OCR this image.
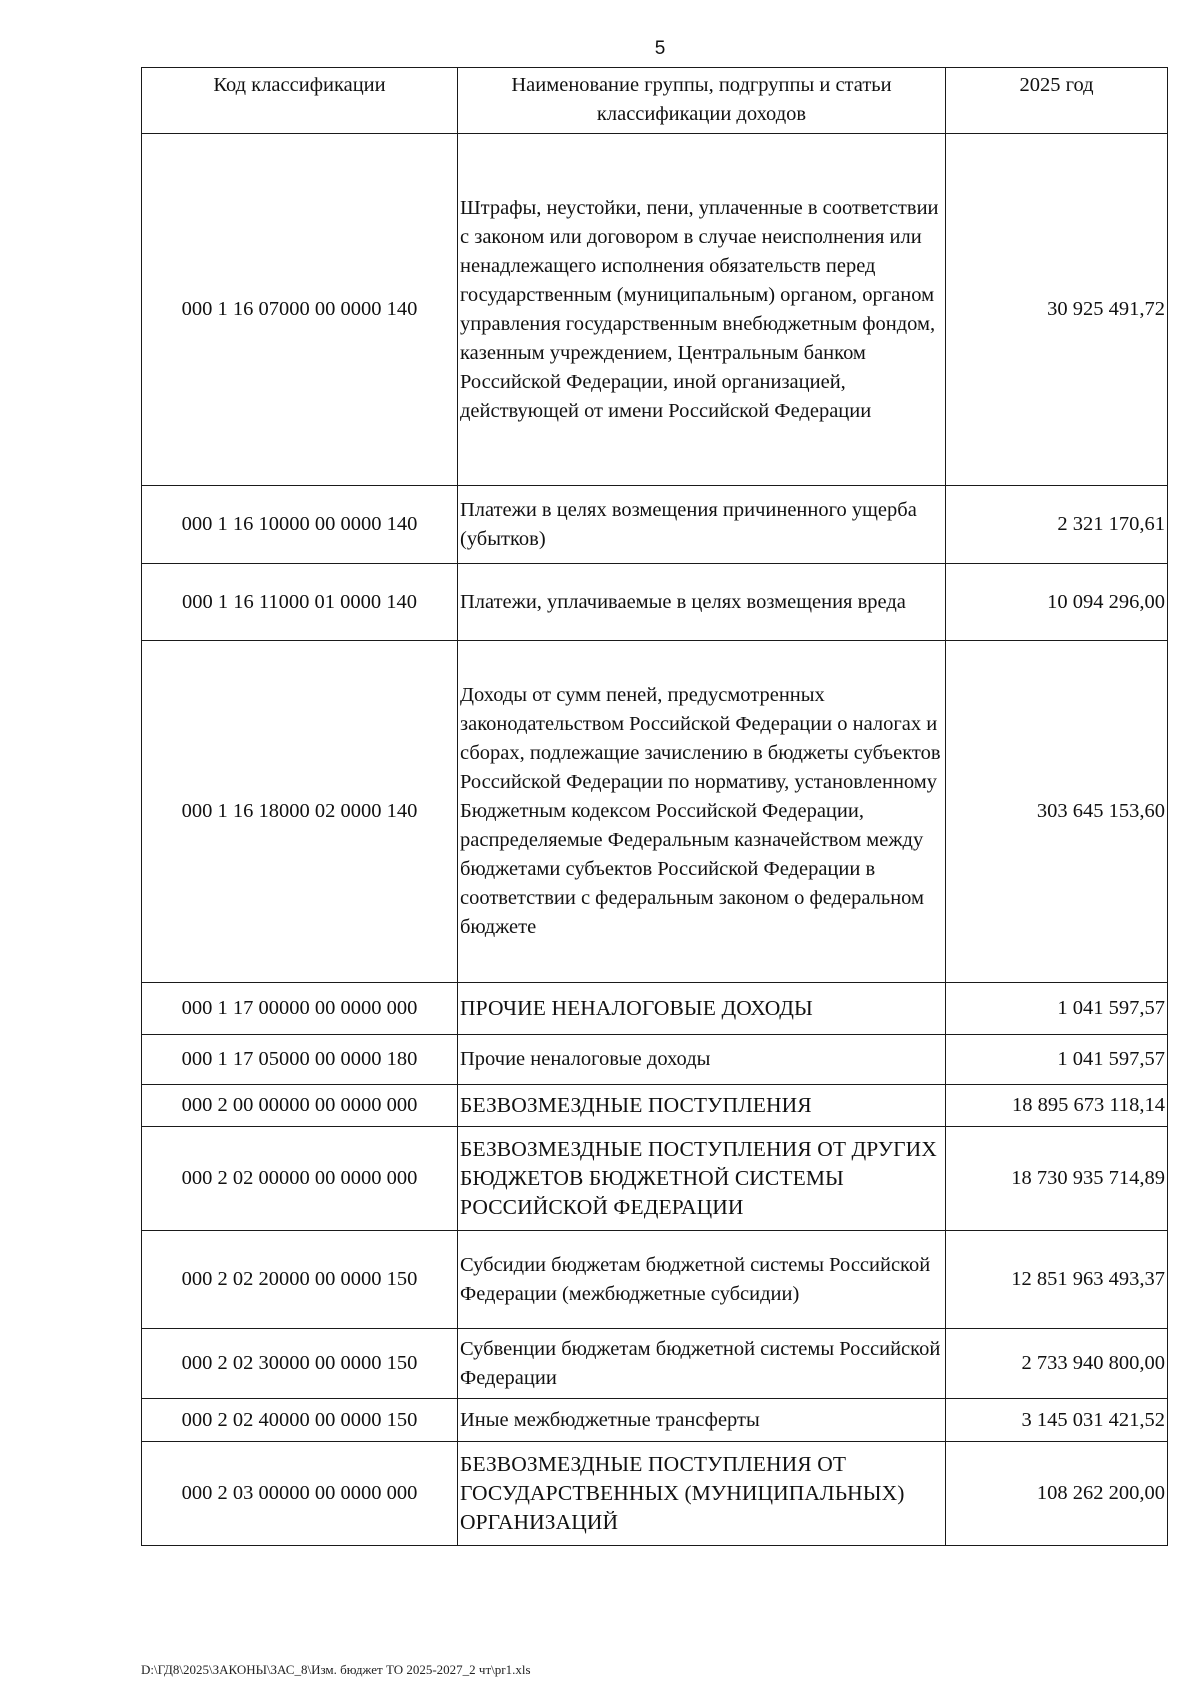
5
Код классификации	Наименование группы, подгруппы и статьи классификации доходов	2025 год
000 1 16 07000 00 0000 140	Штрафы, неустойки, пени, уплаченные в соответствии с законом или договором в случае неисполнения или ненадлежащего исполнения обязательств перед государственным (муниципальным) органом, органом управления государственным внебюджетным фондом, казенным учреждением, Центральным банком Российской Федерации, иной организацией, действующей от имени Российской Федерации	30 925 491,72
000 1 16 10000 00 0000 140	Платежи в целях возмещения причиненного ущерба (убытков)	2 321 170,61
000 1 16 11000 01 0000 140	Платежи, уплачиваемые в целях возмещения вреда	10 094 296,00
000 1 16 18000 02 0000 140	Доходы от сумм пеней, предусмотренных законодательством Российской Федерации о налогах и сборах, подлежащие зачислению в бюджеты субъектов Российской Федерации по нормативу, установленному Бюджетным кодексом Российской Федерации, распределяемые Федеральным казначейством между бюджетами субъектов Российской Федерации в соответствии с федеральным законом о федеральном бюджете	303 645 153,60
000 1 17 00000 00 0000 000	ПРОЧИЕ НЕНАЛОГОВЫЕ ДОХОДЫ	1 041 597,57
000 1 17 05000 00 0000 180	Прочие неналоговые доходы	1 041 597,57
000 2 00 00000 00 0000 000	БЕЗВОЗМЕЗДНЫЕ ПОСТУПЛЕНИЯ	18 895 673 118,14
000 2 02 00000 00 0000 000	БЕЗВОЗМЕЗДНЫЕ ПОСТУПЛЕНИЯ ОТ ДРУГИХ БЮДЖЕТОВ БЮДЖЕТНОЙ СИСТЕМЫ РОССИЙСКОЙ ФЕДЕРАЦИИ	18 730 935 714,89
000 2 02 20000 00 0000 150	Субсидии бюджетам бюджетной системы Российской Федерации (межбюджетные субсидии)	12 851 963 493,37
000 2 02 30000 00 0000 150	Субвенции бюджетам бюджетной системы Российской Федерации	2 733 940 800,00
000 2 02 40000 00 0000 150	Иные межбюджетные трансферты	3 145 031 421,52
000 2 03 00000 00 0000 000	БЕЗВОЗМЕЗДНЫЕ ПОСТУПЛЕНИЯ ОТ ГОСУДАРСТВЕННЫХ (МУНИЦИПАЛЬНЫХ) ОРГАНИЗАЦИЙ	108 262 200,00
D:\ГД8\2025\ЗАКОНЫ\ЗАС_8\Изм. бюджет ТО 2025-2027_2 чт\pr1.xls
